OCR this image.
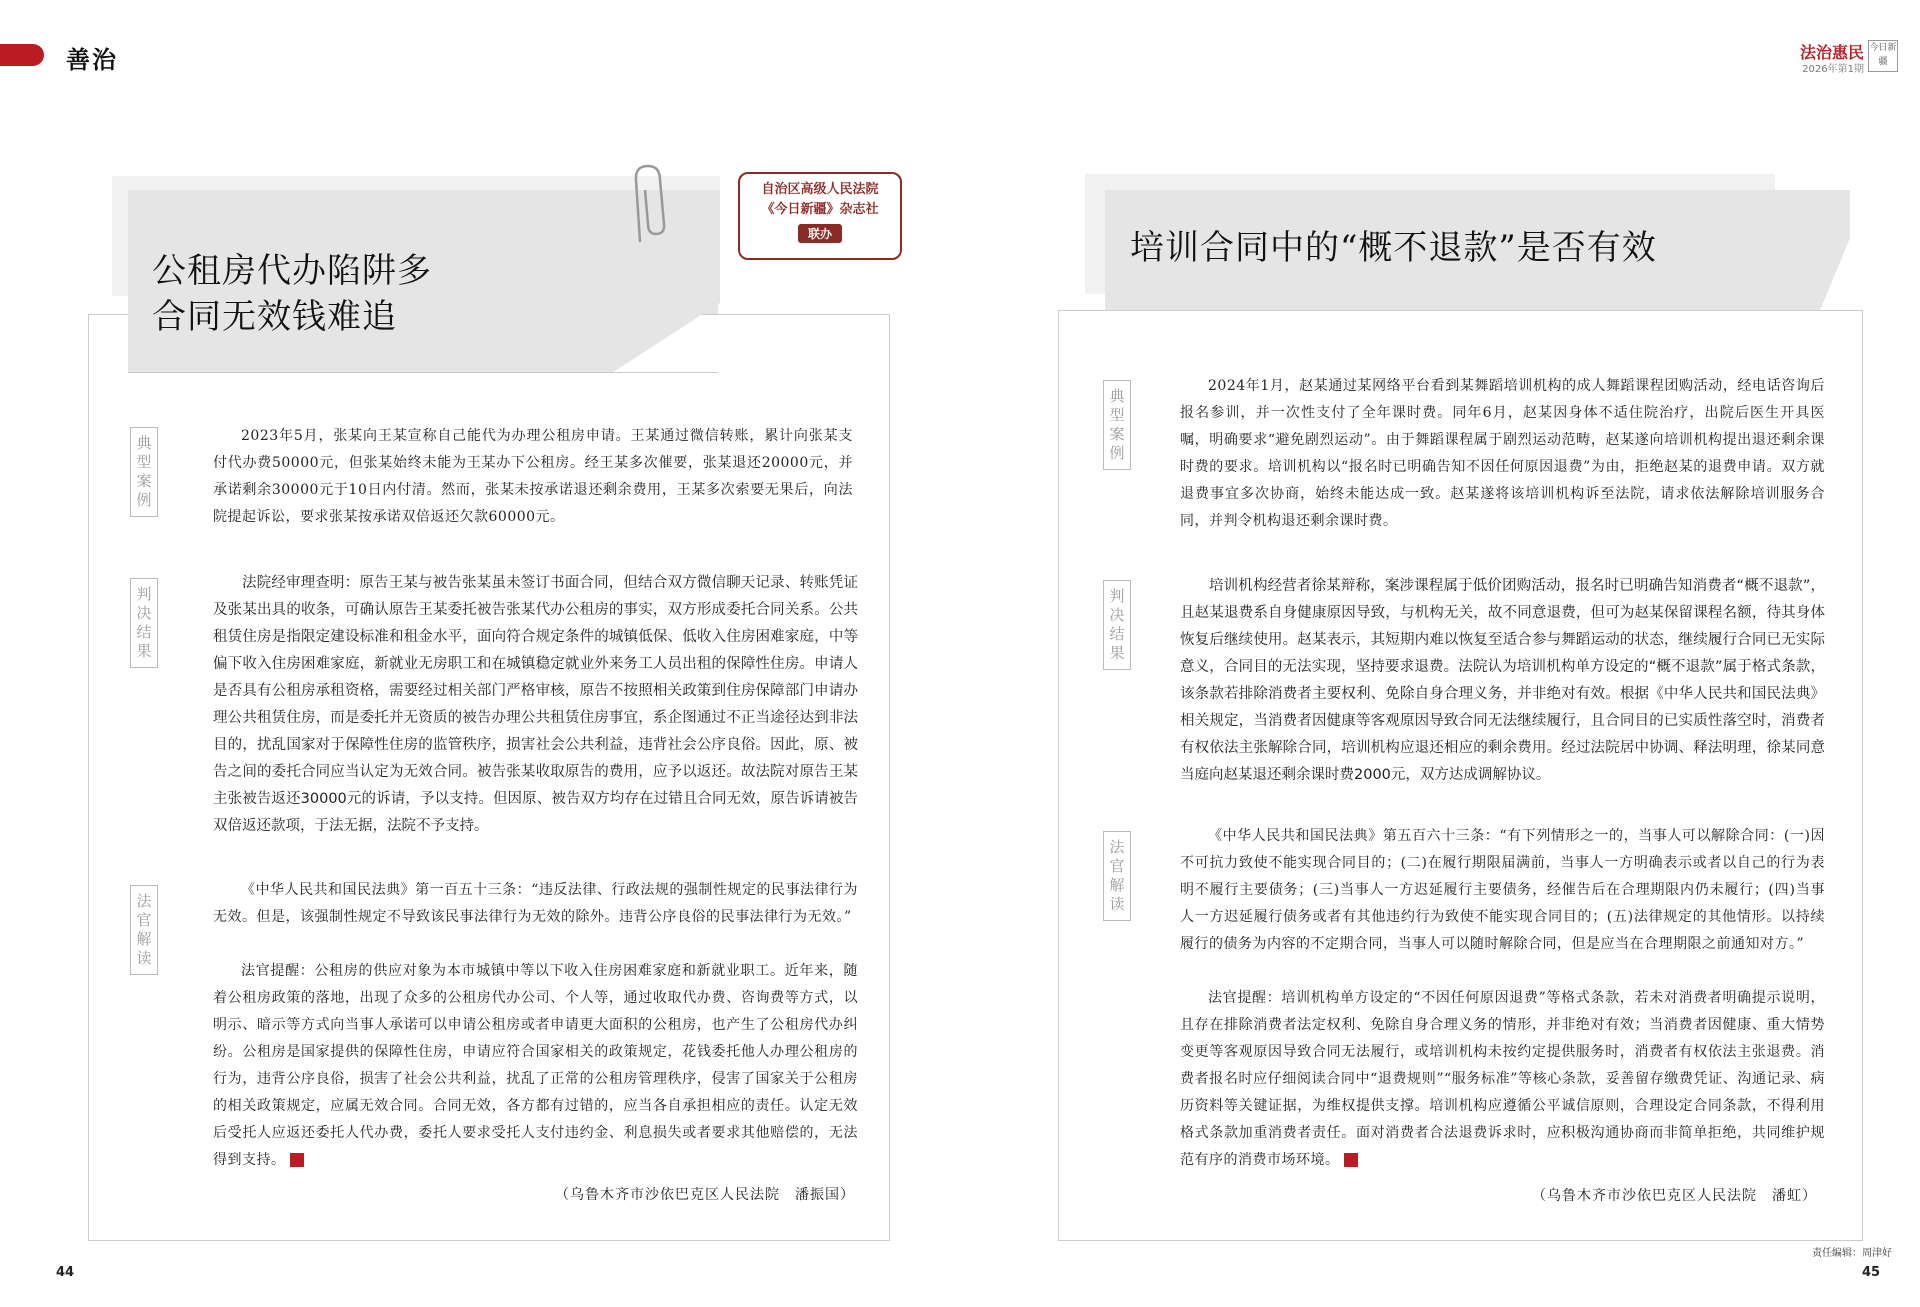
善治	法治惠民
2026年第1期
今日新疆
公租房代办陷阱多
合同无效钱难追
自治区高级人民法院
《今日新疆》杂志社
联办
典
型
案
例
判
决
结
果
法
官
解
读

2023年5月，张某向王某宣称自己能代为办理公租房申请。王某通过微信转账，累计向张某支付代办费50000元，但张某始终未能为王某办下公租房。经王某多次催要，张某退还20000元，并承诺剩余30000元于10日内付清。然而，张某未按承诺退还剩余费用，王某多次索要无果后，向法院提起诉讼，要求张某按承诺双倍返还欠款60000元。

法院经审理查明：原告王某与被告张某虽未签订书面合同，但结合双方微信聊天记录、转账凭证及张某出具的收条，可确认原告王某委托被告张某代办公租房的事实，双方形成委托合同关系。公共租赁住房是指限定建设标准和租金水平，面向符合规定条件的城镇低保、低收入住房困难家庭，中等偏下收入住房困难家庭，新就业无房职工和在城镇稳定就业外来务工人员出租的保障性住房。申请人是否具有公租房承租资格，需要经过相关部门严格审核，原告不按照相关政策到住房保障部门申请办理公共租赁住房，而是委托并无资质的被告办理公共租赁住房事宜，系企图通过不正当途径达到非法目的，扰乱国家对于保障性住房的监管秩序，损害社会公共利益，违背社会公序良俗。因此，原、被告之间的委托合同应当认定为无效合同。被告张某收取原告的费用，应予以返还。故法院对原告王某主张被告返还30000元的诉请，予以支持。但因原、被告双方均存在过错且合同无效，原告诉请被告双倍返还款项，于法无据，法院不予支持。

《中华人民共和国民法典》第一百五十三条：“违反法律、行政法规的强制性规定的民事法律行为无效。但是，该强制性规定不导致该民事法律行为无效的除外。违背公序良俗的民事法律行为无效。”

法官提醒：公租房的供应对象为本市城镇中等以下收入住房困难家庭和新就业职工。近年来，随着公租房政策的落地，出现了众多的公租房代办公司、个人等，通过收取代办费、咨询费等方式，以明示、暗示等方式向当事人承诺可以申请公租房或者申请更大面积的公租房，也产生了公租房代办纠纷。公租房是国家提供的保障性住房，申请应符合国家相关的政策规定，花钱委托他人办理公租房的行为，违背公序良俗，损害了社会公共利益，扰乱了正常的公租房管理秩序，侵害了国家关于公租房的相关政策规定，应属无效合同。合同无效，各方都有过错的，应当各自承担相应的责任。认定无效后受托人应返还委托人代办费，委托人要求受托人支付违约金、利息损失或者要求其他赔偿的，无法得到支持。	J

（乌鲁木齐市沙依巴克区人民法院　潘振国）
44
培训合同中的“概不退款”是否有效
典
型
案
例
判
决
结
果
法
官
解
读

2024年1月，赵某通过某网络平台看到某舞蹈培训机构的成人舞蹈课程团购活动，经电话咨询后报名参训，并一次性支付了全年课时费。同年6月，赵某因身体不适住院治疗，出院后医生开具医嘱，明确要求“避免剧烈运动”。由于舞蹈课程属于剧烈运动范畴，赵某遂向培训机构提出退还剩余课时费的要求。培训机构以“报名时已明确告知不因任何原因退费”为由，拒绝赵某的退费申请。双方就退费事宜多次协商，始终未能达成一致。赵某遂将该培训机构诉至法院，请求依法解除培训服务合同，并判令机构退还剩余课时费。

培训机构经营者徐某辩称，案涉课程属于低价团购活动，报名时已明确告知消费者“概不退款”，且赵某退费系自身健康原因导致，与机构无关，故不同意退费，但可为赵某保留课程名额，待其身体恢复后继续使用。赵某表示，其短期内难以恢复至适合参与舞蹈运动的状态，继续履行合同已无实际意义，合同目的无法实现，坚持要求退费。法院认为培训机构单方设定的“概不退款”属于格式条款，该条款若排除消费者主要权利、免除自身合理义务，并非绝对有效。根据《中华人民共和国民法典》相关规定，当消费者因健康等客观原因导致合同无法继续履行，且合同目的已实质性落空时，消费者有权依法主张解除合同，培训机构应退还相应的剩余费用。经过法院居中协调、释法明理，徐某同意当庭向赵某退还剩余课时费2000元，双方达成调解协议。

《中华人民共和国民法典》第五百六十三条：“有下列情形之一的，当事人可以解除合同：(一)因不可抗力致使不能实现合同目的；(二)在履行期限届满前，当事人一方明确表示或者以自己的行为表明不履行主要债务；(三)当事人一方迟延履行主要债务，经催告后在合理期限内仍未履行；(四)当事人一方迟延履行债务或者有其他违约行为致使不能实现合同目的；(五)法律规定的其他情形。以持续履行的债务为内容的不定期合同，当事人可以随时解除合同，但是应当在合理期限之前通知对方。”

法官提醒：培训机构单方设定的“不因任何原因退费”等格式条款，若未对消费者明确提示说明，且存在排除消费者法定权利、免除自身合理义务的情形，并非绝对有效；当消费者因健康、重大情势变更等客观原因导致合同无法履行，或培训机构未按约定提供服务时，消费者有权依法主张退费。消费者报名时应仔细阅读合同中“退费规则”“服务标准”等核心条款，妥善留存缴费凭证、沟通记录、病历资料等关键证据，为维权提供支撑。培训机构应遵循公平诚信原则，合理设定合同条款，不得利用格式条款加重消费者责任。面对消费者合法退费诉求时，应积极沟通协商而非简单拒绝，共同维护规范有序的消费市场环境。	J

（乌鲁木齐市沙依巴克区人民法院　潘虹）
责任编辑：周津好
45
